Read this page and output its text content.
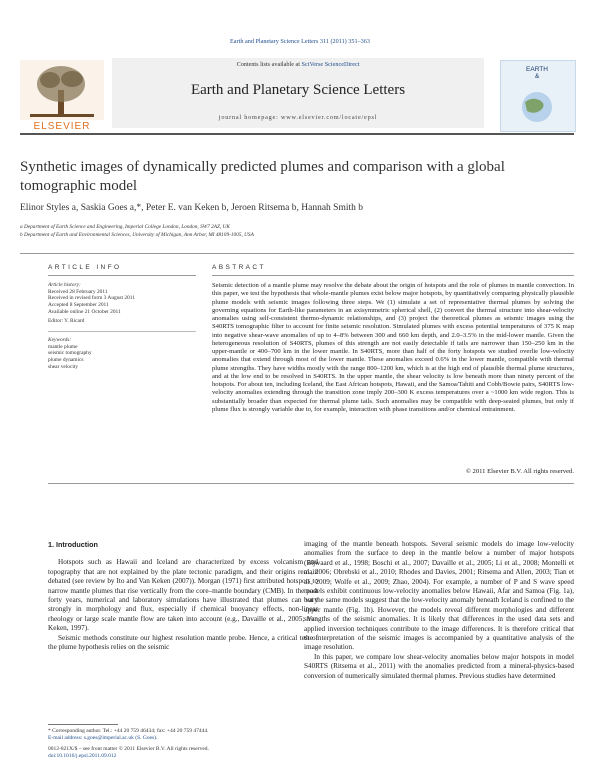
Earth and Planetary Science Letters 311 (2011) 351–363
Contents lists available at SciVerse ScienceDirect
Earth and Planetary Science Letters
journal homepage: www.elsevier.com/locate/epsl
ELSEVIER
EARTH
&
Synthetic images of dynamically predicted plumes and comparison with a global tomographic model
Elinor Styles a, Saskia Goes a,*, Peter E. van Keken b, Jeroen Ritsema b, Hannah Smith b
a Department of Earth Science and Engineering, Imperial College London, London, SW7 2AZ, UK
b Department of Earth and Environmental Sciences, University of Michigan, Ann Arbor, MI 48109-1005, USA
ARTICLE INFO	ABSTRACT
Article history:
Received 28 February 2011
Received in revised form 3 August 2011
Accepted 8 September 2011
Available online 21 October 2011
Editor: Y. Ricard
Keywords:
mantle plume
seismic tomography
plume dynamics
shear velocity
Seismic detection of a mantle plume may resolve the debate about the origin of hotspots and the role of plumes in mantle convection. In this paper, we test the hypothesis that whole-mantle plumes exist below major hotspots, by quantitatively comparing physically plausible plume models with seismic images following three steps. We (1) simulate a set of representative thermal plumes by solving the governing equations for Earth-like parameters in an axisymmetric spherical shell, (2) convert the thermal structure into shear-velocity anomalies using self-consistent thermo-dynamic relationships, and (3) project the theoretical plumes as seismic images using the S40RTS tomographic filter to account for finite seismic resolution. Simulated plumes with excess potential temperatures of 375 K map into negative shear-wave anomalies of up to 4–8% between 300 and 660 km depth, and 2.0–3.5% in the mid-lower mantle. Given the heterogeneous resolution of S40RTS, plumes of this strength are not easily detectable if tails are narrower than 150–250 km in the upper-mantle or 400–700 km in the lower mantle. In S40RTS, more than half of the forty hotspots we studied overlie low-velocity anomalies that extend through most of the lower mantle. These anomalies exceed 0.6% in the lower mantle, compatible with thermal plume strengths. They have widths mostly with the range 800–1200 km, which is at the high end of plausible thermal plume structures, and at the low end to be resolved in S40RTS. In the upper mantle, the shear velocity is low beneath more than ninety percent of the hotspots. For about ten, including Iceland, the East African hotspots, Hawaii, and the Samoa/Tahiti and Cobb/Bowie pairs, S40RTS low-velocity anomalies extending through the transition zone imply 200–300 K excess temperatures over a ~1000 km wide region. This is substantially broader than expected for thermal plume tails. Such anomalies may be compatible with deep-seated plumes, but only if plume flux is strongly variable due to, for example, interaction with phase transitions and/or chemical entrainment.
© 2011 Elsevier B.V. All rights reserved.
1. Introduction

Hotspots such as Hawaii and Iceland are characterized by excess volcanism and topography that are not explained by the plate tectonic paradigm, and their origins remain debated (see review by Ito and Van Keken (2007)). Morgan (1971) first attributed hotspots to narrow mantle plumes that rise vertically from the core–mantle boundary (CMB). In the past forty years, numerical and laboratory simulations have illustrated that plumes can vary strongly in morphology and flux, especially if chemical buoyancy effects, non-linear rheology or large scale mantle flow are taken into account (e.g., Davaille et al., 2005; Van Keken, 1997).

Seismic methods constitute our highest resolution mantle probe. Hence, a critical test of the plume hypothesis relies on the seismic

imaging of the mantle beneath hotspots. Several seismic models do image low-velocity anomalies from the surface to deep in the mantle below a number of major hotspots (Bijwaard et al., 1998; Boschi et al., 2007; Davaille et al., 2005; Li et al., 2008; Montelli et al., 2006; Obrebski et al., 2010; Rhodes and Davies, 2001; Ritsema and Allen, 2003; Tian et al., 2009; Wolfe et al., 2009; Zhao, 2004). For example, a number of P and S wave speed models exhibit continuous low-velocity anomalies below Hawaii, Afar and Samoa (Fig. 1a), but the same models suggest that the low-velocity anomaly beneath Iceland is confined to the upper mantle (Fig. 1b). However, the models reveal different morphologies and different strengths of the seismic anomalies. It is likely that differences in the used data sets and applied inversion techniques contribute to the image differences. It is therefore critical that the interpretation of the seismic images is accompanied by a quantitative analysis of the image resolution.

In this paper, we compare low shear-velocity anomalies below major hotspots in model S40RTS (Ritsema et al., 2011) with the anomalies predicted from a mineral-physics-based conversion of numerically simulated thermal plumes. Previous studies have determined

* Corresponding author. Tel.: +44 20 759 46434; fax: +44 20 759 47444.
E-mail address: s.goes@imperial.ac.uk (S. Goes).
0012-821X/$ – see front matter © 2011 Elsevier B.V. All rights reserved.
doi:10.1016/j.epsl.2011.09.012
